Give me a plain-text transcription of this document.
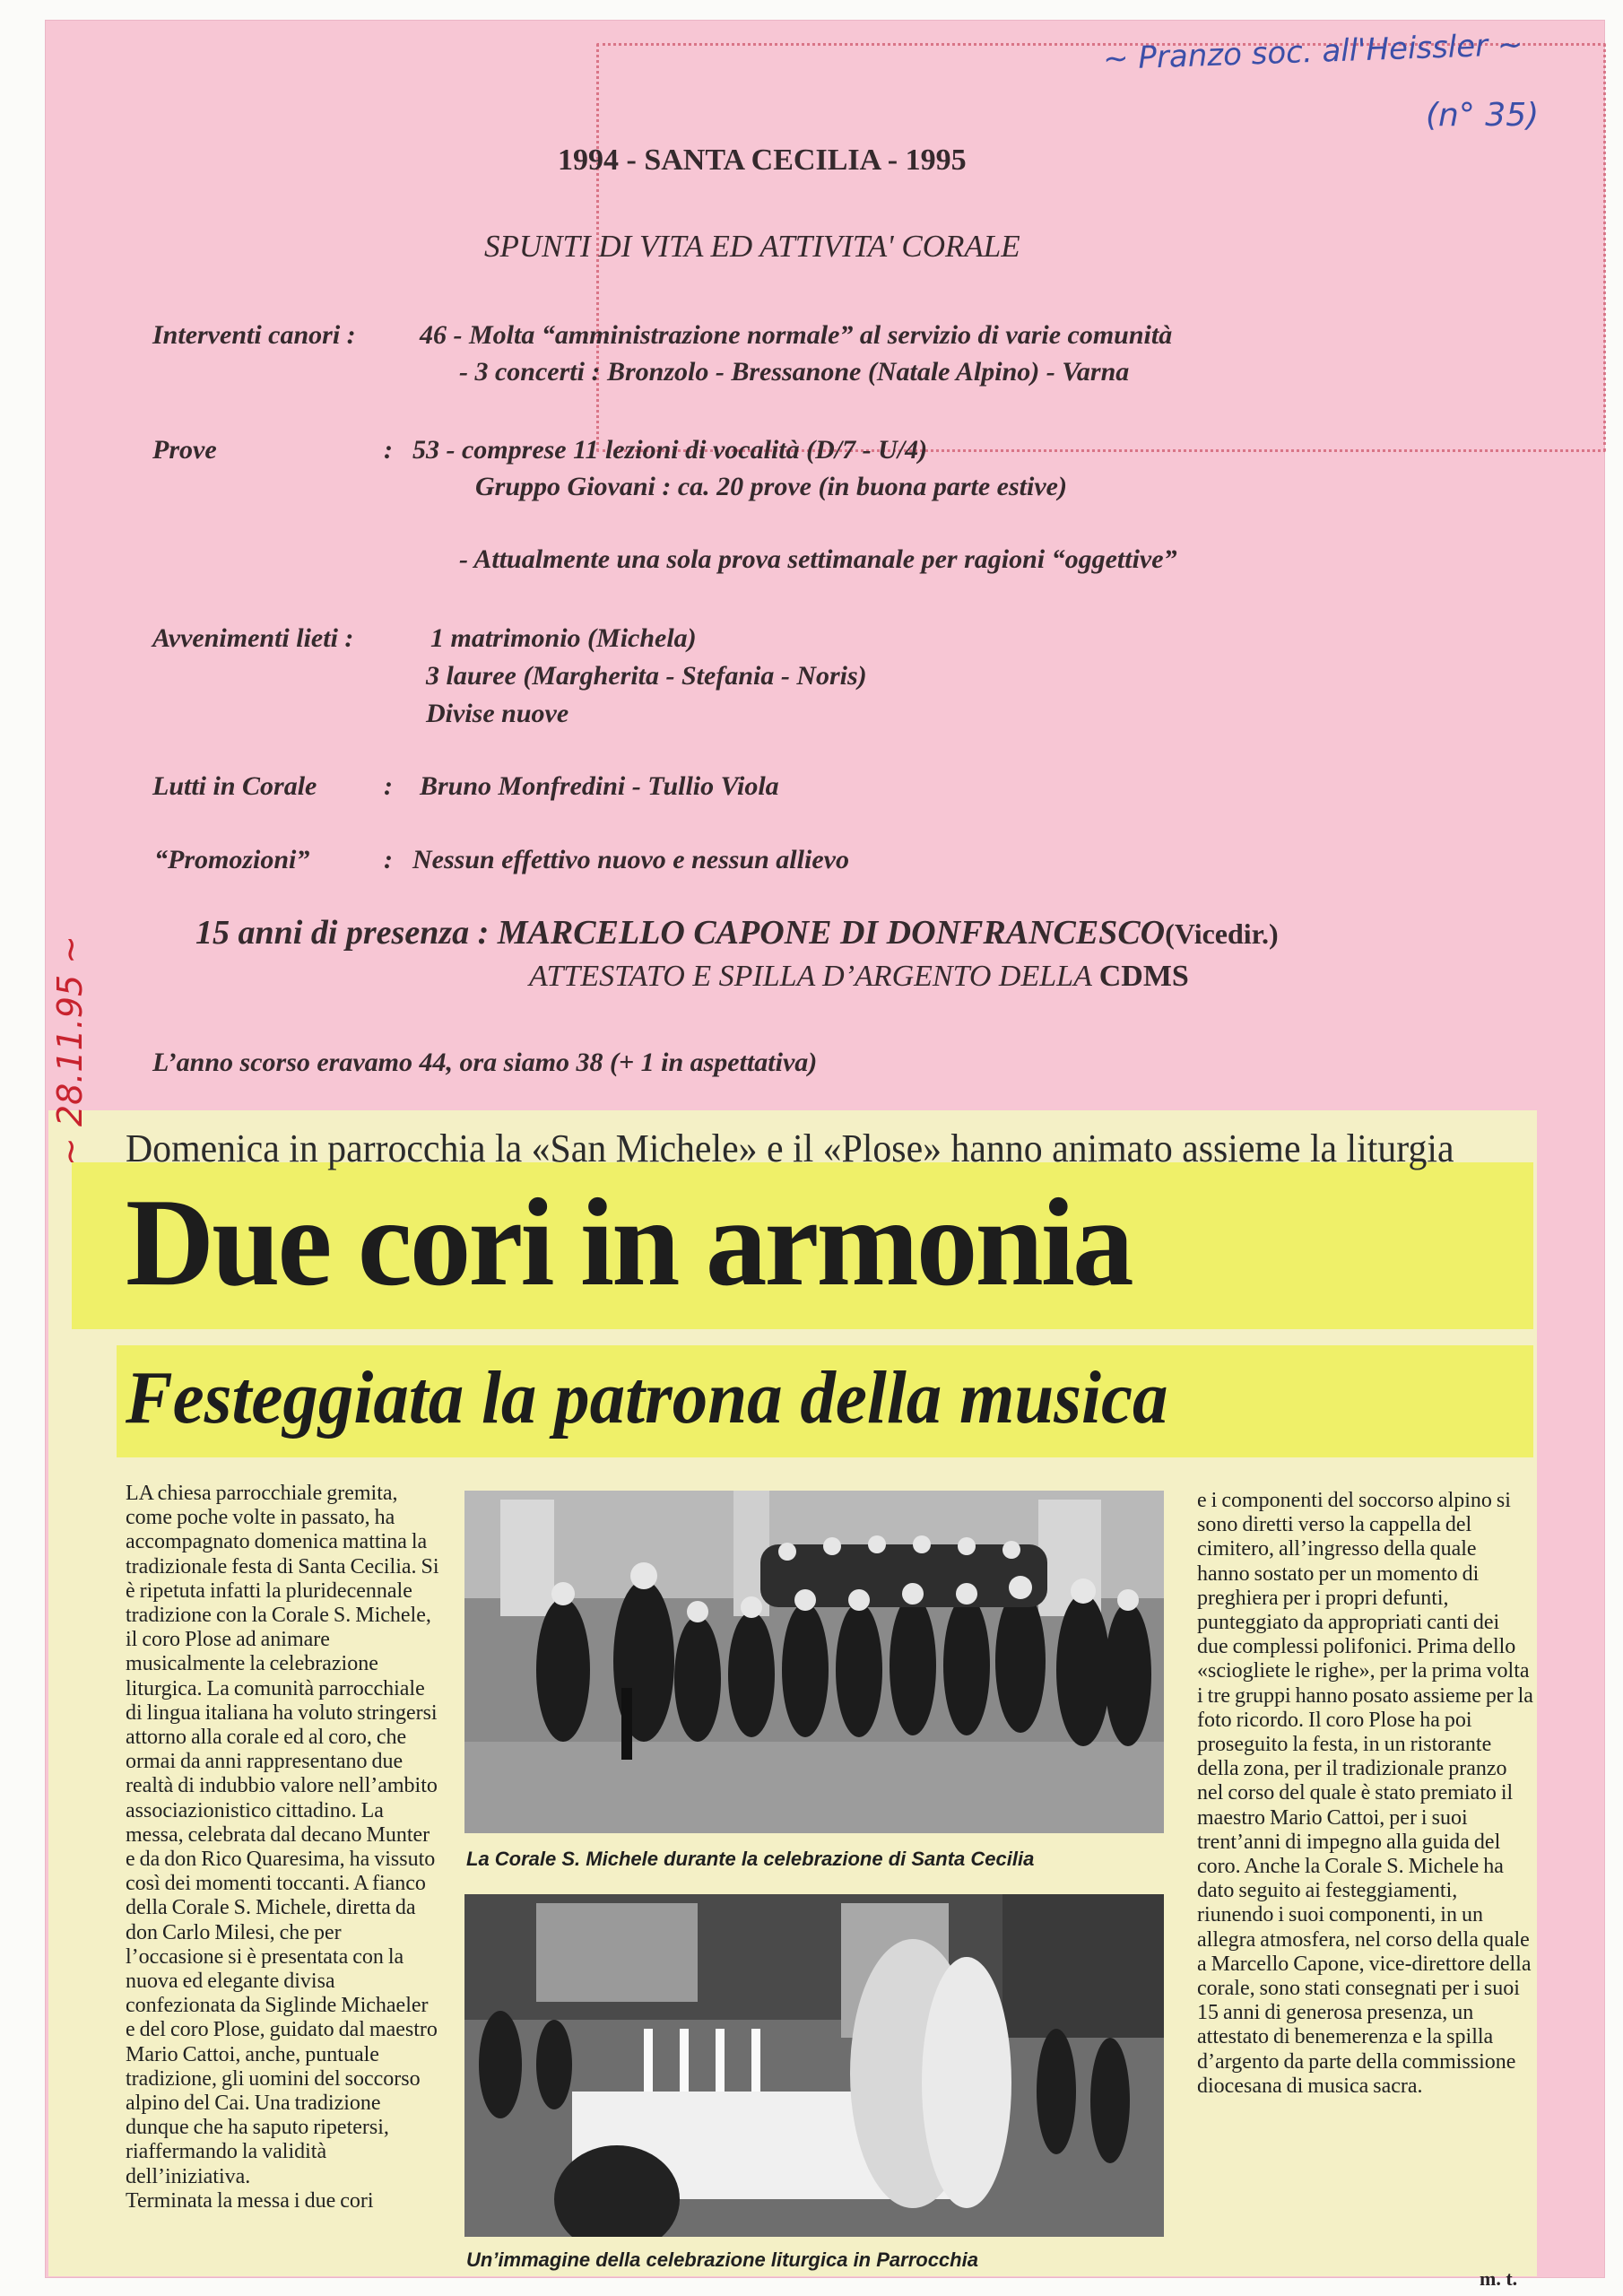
~ Pranzo soc. all'Heissler ~
(n° 35)
1994 - SANTA CECILIA - 1995
SPUNTI DI VITA ED ATTIVITA' CORALE
Interventi canori : 46 - Molta “amministrazione normale” al servizio di varie comunità
- 3 concerti : Bronzolo - Bressanone (Natale Alpino) - Varna
Prove	: 53 - comprese 11 lezioni di vocalità (D/7 - U/4)
Gruppo Giovani : ca. 20 prove (in buona parte estive)
- Attualmente una sola prova settimanale per ragioni “oggettive”
Avvenimenti lieti :	1 matrimonio (Michela)
3 lauree (Margherita - Stefania - Noris)
Divise nuove
Lutti in Corale : Bruno Monfredini - Tullio Viola
“Promozioni”	: Nessun effettivo nuovo e nessun allievo
15 anni di presenza : MARCELLO CAPONE DI DONFRANCESCO(Vicedir.)
ATTESTATO E SPILLA D’ARGENTO DELLA CDMS
L’anno scorso eravamo 44, ora siamo 38 (+ 1 in aspettativa)
Domenica in parrocchia la «San Michele» e il «Plose» hanno animato assieme la liturgia
Due cori in armonia
Festeggiata la patrona della musica
~ 28.11.95 ~
LA chiesa parrocchiale gremita, come poche volte in passato, ha accompagnato domenica mattina la tradizionale festa di Santa Cecilia. Si è ripetuta infatti la pluridecennale tradizione con la Corale S. Michele, il coro Plose ad animare musicalmente la celebrazione liturgica. La comunità parrocchiale di lingua italiana ha voluto stringersi attorno alla corale ed al coro, che ormai da anni rappresentano due realtà di indubbio valore nell’ambito associazionistico cittadino. La messa, celebrata dal decano Munter e da don Rico Quaresima, ha vissuto così dei momenti toccanti. A fianco della Corale S. Michele, diretta da don Carlo Milesi, che per l’occasione si è presentata con la nuova ed elegante divisa confezionata da Siglinde Michaeler e del coro Plose, guidato dal maestro Mario Cattoi, anche, puntuale tradizione, gli uomini del soccorso alpino del Cai. Una tradizione dunque che ha saputo ripetersi, riaffermando la validità dell’iniziativa.
Terminata la messa i due cori
La Corale S. Michele durante la celebrazione di Santa Cecilia
Un’immagine della celebrazione liturgica in Parrocchia
e i componenti del soccorso alpino si sono diretti verso la cappella del cimitero, all’ingresso della quale hanno sostato per un momento di preghiera per i propri defunti, punteggiato da appropriati canti dei due complessi polifonici. Prima dello «sciogliete le righe», per la prima volta i tre gruppi hanno posato assieme per la foto ricordo. Il coro Plose ha poi proseguito la festa, in un ristorante della zona, per il tradizionale pranzo nel corso del quale è stato premiato il maestro Mario Cattoi, per i suoi trent’anni di impegno alla guida del coro. Anche la Corale S. Michele ha dato seguito ai festeggiamenti, riunendo i suoi componenti, in un allegra atmosfera, nel corso della quale a Marcello Capone, vice-direttore della corale, sono stati consegnati per i suoi 15 anni di generosa presenza, un attestato di benemerenza e la spilla d’argento da parte della commissione diocesana di musica sacra.
m. t.
